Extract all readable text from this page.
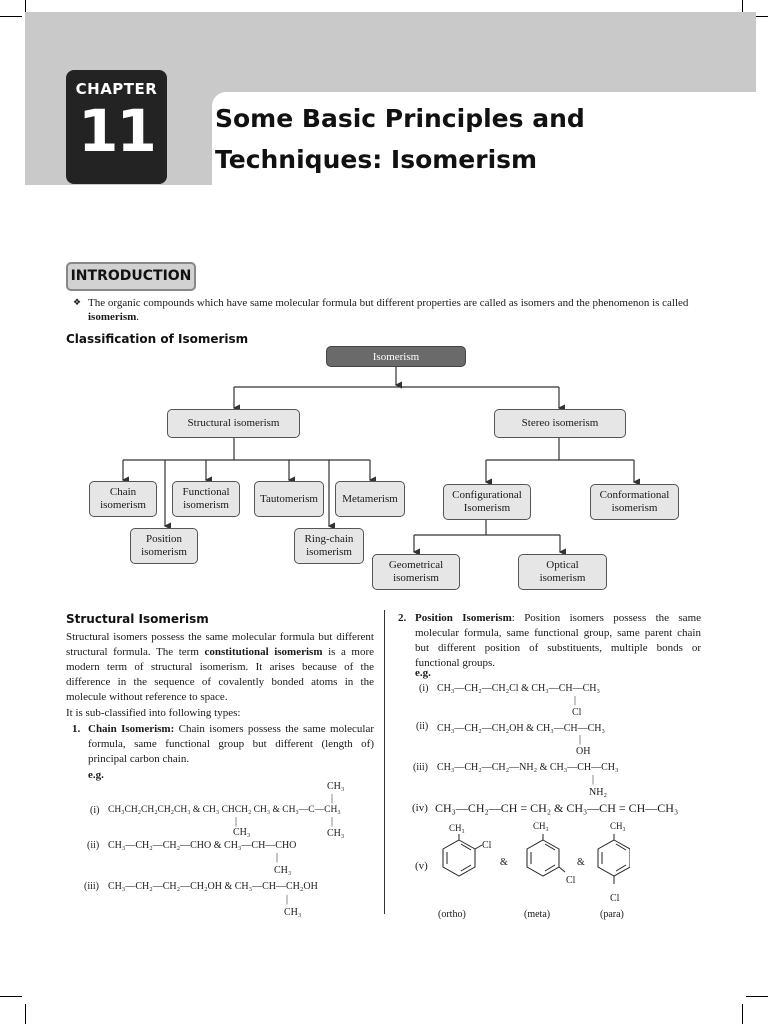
CHAPTER
11	Some Basic Principles and
Techniques: Isomerism
INTRODUCTION
❖ The organic compounds which have same molecular formula but different properties are called as isomers and the phenomenon is called isomerism.
Classification of Isomerism
Isomerism
Structural isomerism	Stereo isomerism
Chain
isomerism
Functional
isomerism
Tautomerism	Metamerism
Position
isomerism
Ring-chain
isomerism
Configurational
Isomerism
Conformational
isomerism
Geometrical
isomerism
Optical
isomerism
Structural Isomerism
Structural isomers possess the same molecular formula but different structural formula. The term constitutional isomerism is a more modern term of structural isomerism. It arises because of the difference in the sequence of covalently bonded atoms in the molecule without reference to space.
It is sub-classified into following types:
1. Chain Isomerism: Chain isomers possess the same molecular formula, same functional group but different (length of) principal carbon chain.
e.g.
CH₃
|
(i) CH₃CH₂CH₂CH₂CH₃ & CH₃ CHCH₂ CH₃ & CH₃—C—CH₃
|	|
CH₃	CH₃
(ii) CH₃—CH₂—CH₂—CHO & CH₃—CH—CHO
|
CH₃
(iii) CH₃—CH₂—CH₂—CH₂OH & CH₃—CH—CH₂OH
|
CH₃
2. Position Isomerism: Position isomers possess the same molecular formula, same functional group, same parent chain but different position of substituents, multiple bonds or functional groups.
e.g.
(i) CH₃—CH₂—CH₂Cl & CH₃—CH—CH₃
|
Cl
(ii) CH₃—CH₂—CH₂OH & CH₃—CH—CH₃
|
OH
(iii) CH₃—CH₂—CH₂—NH₂ & CH₃—CH—CH₃
|
NH₂
(iv) CH₃—CH₂—CH = CH₂ & CH₃—CH = CH—CH₃
(v)
CH₃
Cl
&
CH₃
Cl
&
CH₃
Cl
(ortho)	(meta)	(para)
